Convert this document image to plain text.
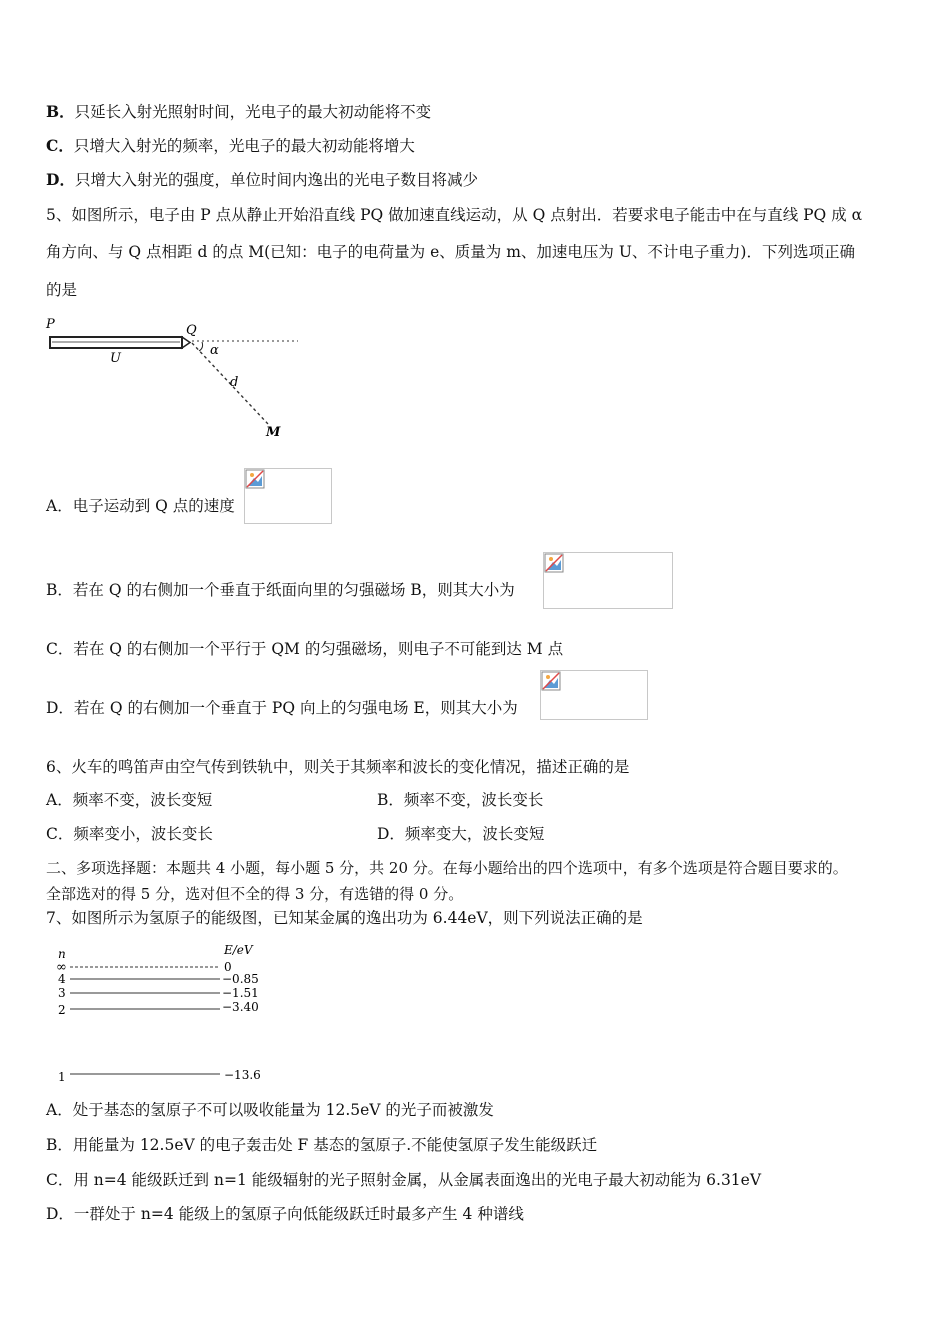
B．只延长入射光照射时间，光电子的最大初动能将不变
C．只增大入射光的频率，光电子的最大初动能将增大
D．只增大入射光的强度，单位时间内逸出的光电子数目将减少
5、如图所示，电子由 P 点从静止开始沿直线 PQ 做加速直线运动，从 Q 点射出．若要求电子能击中在与直线 PQ 成 α
角方向、与 Q 点相距 d 的点 M(已知：电子的电荷量为 e、质量为 m、加速电压为 U、不计电子重力)．下列选项正确
的是
P
U
Q
α
d
M
A．电子运动到 Q 点的速度
B．若在 Q 的右侧加一个垂直于纸面向里的匀强磁场 B，则其大小为
C．若在 Q 的右侧加一个平行于 QM 的匀强磁场，则电子不可能到达 M 点
D．若在 Q 的右侧加一个垂直于 PQ 向上的匀强电场 E，则其大小为
6、火车的鸣笛声由空气传到铁轨中，则关于其频率和波长的变化情况，描述正确的是
A．频率不变，波长变短	B．频率不变，波长变长
C．频率变小，波长变长	D．频率变大，波长变短
二、多项选择题：本题共 4 小题，每小题 5 分，共 20 分。在每小题给出的四个选项中，有多个选项是符合题目要求的。
全部选对的得 5 分，选对但不全的得 3 分，有选错的得 0 分。
7、如图所示为氢原子的能级图，已知某金属的逸出功为 6.44eV，则下列说法正确的是
n	E/eV
∞	0
4	−0.85
3	−1.51
2	−3.40
1	−13.6
A．处于基态的氢原子不可以吸收能量为 12.5eV 的光子而被激发
B．用能量为 12.5eV 的电子轰击处 F 基态的氢原子.不能使氢原子发生能级跃迁
C．用 n=4 能级跃迁到 n=1 能级辐射的光子照射金属，从金属表面逸出的光电子最大初动能为 6.31eV
D．一群处于 n=4 能级上的氢原子向低能级跃迁时最多产生 4 种谱线
